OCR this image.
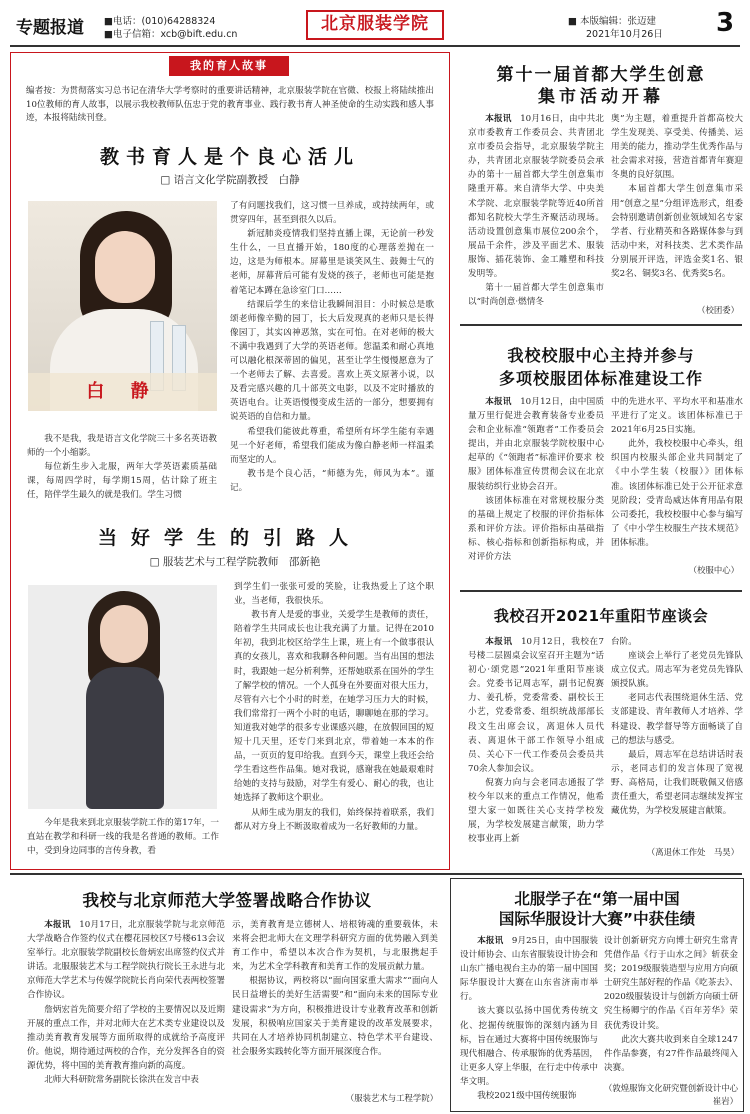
专题报道 ■电话：(010)64288324
■电子信箱：xcb@bift.edu.cn
北京服装学院	■ 本版编辑：张迈建
2021年10月26日 3
我的育人故事
编者按：为贯彻落实习总书记在清华大学考察时的重要讲话精神，北京服装学院在官微、校报上将陆续推出10位教师的育人故事，以展示我校教师队伍忠于党的教育事业、践行教书育人神圣使命的生动实践和感人事迹，本报将陆续刊登。
教书育人是个良心活儿
□ 语言文化学院副教授　白静
白 静

我不是我，我是语言文化学院三十多名英语教师的一个小缩影。

每位新生步入北服，两年大学英语素质基础课，每周四学时，每学期15周，估计除了班主任，陪伴学生最久的就是我们。学生习惯

了有问题找我们，这习惯一旦养成，或持续两年，或贯穿四年，甚至到很久以后。

新冠肺炎疫情我们坚持直播上课，无论前一秒发生什么，一旦直播开始，180度的心理落差抛在一边，这是为师根本。屏幕里是谈笑风生、鼓舞士气的老师，屏幕背后可能有发烧的孩子，老师也可能是抱着笔记本蹲在急诊室门口……

结课后学生的来信让我瞬间泪目：小时候总是歌颂老师像辛勤的园丁，长大后发现真的老师只是长得像园丁，其实凶神恶煞，实在可怕。在对老师的极大不满中我遇到了大学的英语老师。您温柔和耐心真地可以融化根深蒂固的偏见，甚至让学生慢慢愿意为了一个老师去了解、去喜爱。喜欢上英文原著小说，以及看完感兴趣的几十部英文电影，以及不定时播放的英语电台。让英语慢慢变成生活的一部分，想要拥有说英语的自信和力量。

希望我们能彼此尊重，希望所有坏学生能有幸遇见一个好老师，希望我们能成为像白静老师一样温柔而坚定的人。

教书是个良心活，“师德为先，师风为本”。谨记。

当好学生的引路人
□ 服装艺术与工程学院教师　邵新艳

今年是我来到北京服装学院工作的第17年，一直站在教学和科研一线的我是名普通的教师。工作中，受到身边同事的言传身教，看

到学生们一张张可爱的笑脸，让我热爱上了这个职业，当老师，我很快乐。

教书育人是爱的事业，关爱学生是教师的责任，陪着学生共同成长也让我充满了力量。记得在2010年初，我到北校区给学生上课，班上有一个做事很认真的女孩儿，喜欢和我聊各种问题。当有出国的想法时，我跟她一起分析利弊，还帮她联系在国外的学生了解学校的情况。一个人孤身在外要面对很大压力，尽管有六七个小时的时差，在她学习压力大的时候，我们常常打一两个小时的电话，聊聊她在那的学习。知道我对她学的很多专业课感兴趣，在放假回国的短短十几天里，还专门来到北京，带着她一本本的作品，一页页的复印给我。直到今天，课堂上我还会给学生看这些作品集。她对我说，感谢我在她最艰难时给她的支持与鼓励，对学生有爱心、耐心的我，也让她选择了教师这个职业。

从师生成为朋友的我们，始终保持着联系，我们都从对方身上不断汲取着成为一名好教师的力量。

第十一届首都大学生创意
集市活动开幕

本报讯  10月16日，由中共北京市委教育工作委员会、共青团北京市委员会指导，北京服装学院主办，共青团北京服装学院委员会承办的第十一届首都大学生创意集市隆重开幕。来自清华大学、中央美术学院、北京服装学院等近40所首都知名院校大学生齐聚活动现场。活动设置创意集市展位200余个，展品千余件，涉及平面艺术、服装服饰、插花装饰、金工雕塑和科技发明等。

第十一届首都大学生创意集市以“时尚创意·燃情冬

奥”为主题，着重提升首都高校大学生发现美、享受美、传播美、运用美的能力，推动学生优秀作品与社会需求对接，营造首都青年赛迎冬奥的良好氛围。

本届首都大学生创意集市采用“创意之星”分组评选形式，组委会特别邀请创新创业领域知名专家学者、行业精英和各路媒体参与到活动中来，对科技类、艺术类作品分别展开评选，评选金奖1名、银奖2名、铜奖3名、优秀奖5名。

（校团委）
我校校服中心主持并参与
多项校服团体标准建设工作

本报讯  10月12日，由中国质量万里行促进会教育装备专业委员会和企业标准“领跑者”工作委员会提出，并由北京服装学院校服中心起草的《“领跑者”标准评价要求 校服》团体标准宣传贯彻会议在北京服装纺织行业协会召开。

该团体标准在对常规校服分类的基础上规定了校服的评价指标体系和评价方法。评价指标由基础指标、核心指标和创新指标构成，并对评价方法

中的先进水平、平均水平和基准水平进行了定义。该团体标准已于2021年6月25日实施。

此外，我校校服中心牵头，组织国内校服头部企业共同制定了《中小学生装（校服）》团体标准。该团体标准已处于公开征求意见阶段；受青岛威达体育用品有限公司委托，我校校服中心参与编写了《中小学生校服生产技术规范》团体标准。

（校服中心）
我校召开2021年重阳节座谈会

本报讯  10月12日，我校在7号楼二层圆桌会议室召开主题为“话初心·颂党恩”2021年重阳节座谈会。党委书记周志军，副书记倪赛力、姜孔桥，党委常委、副校长王小艺，党委常委、组织统战部部长段文生出席会议，离退休人员代表、离退休干部工作领导小组成员、关心下一代工作委员会委员共70余人参加会议。

倪赛力向与会老同志通报了学校今年以来的重点工作情况，他希望大家一如既往关心支持学校发展，为学校发展建言献策，助力学校事业再上新

台阶。

座谈会上举行了老党员先锋队成立仪式。周志军为老党员先锋队颁授队旗。

老同志代表围绕退休生活、党支部建设、青年教师人才培养、学科建设、教学督导等方面畅谈了自己的想法与感受。

最后，周志军在总结讲话时表示，老同志们的发言体现了宽视野、高格局，让我们既敬佩又倍感责任重大，希望老同志继续发挥宝藏优势，为学校发展建言献策。

（离退休工作处　马昊）
我校与北京师范大学签署战略合作协议

本报讯  10月17日，北京服装学院与北京师范大学战略合作签约仪式在樱花园校区7号楼613会议室举行。北京服装学院副校长詹炳宏出席签约仪式并讲话。北服服装艺术与工程学院执行院长王永进与北京师范大学艺术与传媒学院院长肖向荣代表两校签署合作协议。

詹炳宏首先简要介绍了学校的主要情况以及近期开展的重点工作，并对北师大在艺术类专业建设以及推动美育教育发展等方面所取得的成就给予高度评价。他说，期待通过两校的合作，充分发挥各自的资源优势，将中国的美育教育推向新的高度。

北师大科研院常务副院长徐洪在发言中表

示，美育教育是立德树人、培根铸魂的重要载体，未来将会把北师大在文理学科研究方面的优势融入到美育工作中，希望以本次合作为契机，与北服携起手来，为艺术全学科教育和美育工作的发展贡献力量。

根据协议，两校将以“面向国家重大需求”“面向人民日益增长的美好生活需要”和“面向未来的国际专业建设需求”为方向，积极推进设计专业教育改革和创新发展，积极响应国家关于美育建设的改革发展要求，共同在人才培养协同机制建立、特色学术平台建设、社会服务实践转化等方面开展深度合作。

（服装艺术与工程学院）
北服学子在“第一届中国
国际华服设计大赛”中获佳绩

本报讯  9月25日，由中国服装设计师协会、山东省服装设计协会和山东广播电视台主办的第一届中国国际华服设计大赛在山东省济南市举行。

该大赛以弘扬中国优秀传统文化、挖掘传统服饰的深刻内涵为目标，旨在通过大赛将中国传统服饰与现代相融合、传承服饰的优秀基因，让更多人穿上华服，在行走中传承中华文明。

我校2021级中国传统服饰

设计创新研究方向博士研究生常青凭借作品《行于山水之间》斩获金奖；2019级服装造型与应用方向硕士研究生郜好程的作品《吃茶去》、2020级服装设计与创新方向硕士研究生杨卿宁的作品《百年芳华》荣获优秀设计奖。

此次大赛共收到来自全球1247件作品参赛，有27件作品最终闯入决赛。

（敦煌服饰文化研究暨创新设计中心　崔岩）
